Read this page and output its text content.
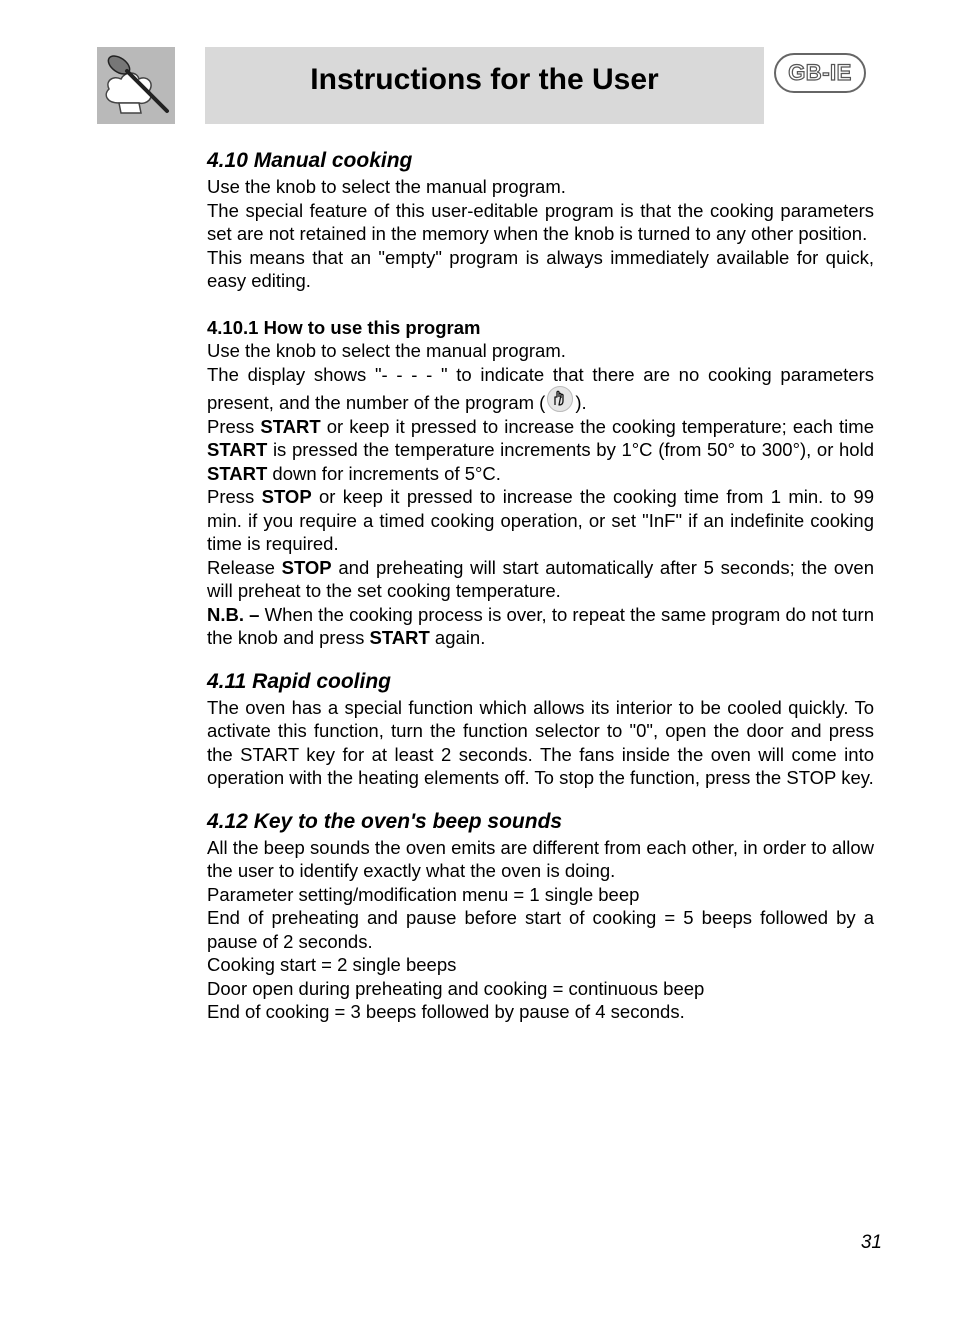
Instructions for the User	GB-IE
4.10 Manual cooking

Use the knob to select the manual program.

The special feature of this user-editable program is that the cooking parameters set are not retained in the memory when the knob is turned to any other position.

This means that an "empty" program is always immediately available for quick, easy editing.

4.10.1 How to use this program

Use the knob to select the manual program.

The display shows "- - - - " to indicate that there are no cooking parameters present, and the number of the program ( ).

Press START or keep it pressed to increase the cooking temperature; each time START is pressed the temperature increments by 1°C (from 50° to 300°), or hold START down for increments of 5°C.

Press STOP or keep it pressed to increase the cooking time from 1 min. to 99 min. if you require a timed cooking operation, or set "InF" if an indefinite cooking time is required.

Release STOP and preheating will start automatically after 5 seconds; the oven will preheat to the set cooking temperature.

N.B. – When the cooking process is over, to repeat the same program do not turn the knob and press START again.

4.11 Rapid cooling

The oven has a special function which allows its interior to be cooled quickly. To activate this function, turn the function selector to "0", open the door and press the START key for at least 2 seconds. The fans inside the oven will come into operation with the heating elements off. To stop the function, press the STOP key.

4.12 Key to the oven's beep sounds

All the beep sounds the oven emits are different from each other, in order to allow the user to identify exactly what the oven is doing.

Parameter setting/modification menu = 1 single beep

End of preheating and pause before start of cooking = 5 beeps followed by a pause of 2 seconds.

Cooking start = 2 single beeps

Door open during preheating and cooking = continuous beep

End of cooking = 3 beeps followed by pause of 4 seconds.

31
